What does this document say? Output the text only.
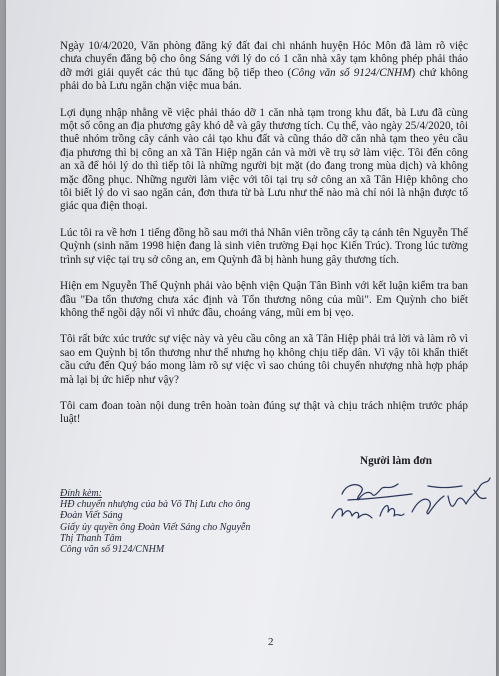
Ngày 10/4/2020, Văn phòng đăng ký đất đai chi nhánh huyện Hóc Môn đã làm rõ việc chưa chuyển đăng bộ cho ông Sáng với lý do có 1 căn nhà xây tạm không phép phải tháo dỡ mới giải quyết các thủ tục đăng bộ tiếp theo (Công văn số 9124/CNHM) chứ không phải do bà Lưu ngăn chặn việc mua bán.

Lợi dụng nhập nhằng về việc phải tháo dỡ 1 căn nhà tạm trong khu đất, bà Lưu đã cùng một số công an địa phương gây khó dễ và gây thương tích. Cụ thể, vào ngày 25/4/2020, tôi thuê nhóm trồng cây cảnh vào cải tạo khu đất và cũng tháo dỡ căn nhà tạm theo yêu cầu địa phương thì bị công an xã Tân Hiệp ngăn cản và mời về trụ sở làm việc. Tôi đến công an xã để hỏi lý do thì tiếp tôi là những người bịt mặt (do đang trong mùa dịch) và không mặc đồng phục. Những người làm việc với tôi tại trụ sở công an xã Tân Hiệp không cho tôi biết lý do vì sao ngăn cản, đơn thưa từ bà Lưu như thế nào mà chỉ nói là nhận được tố giác qua điện thoại.

Lúc tôi ra về hơn 1 tiếng đồng hồ sau mới thả Nhân viên trồng cây tạ cảnh tên Nguyễn Thế Quỳnh (sinh năm 1998 hiện đang là sinh viên trường Đại học Kiến Trúc). Trong lúc tường trình sự việc tại trụ sở công an, em Quỳnh đã bị hành hung gây thương tích.

Hiện em Nguyễn Thế Quỳnh phải vào bệnh viện Quận Tân Bình với kết luận kiểm tra ban đầu "Đa tổn thương chưa xác định và Tổn thương nông của mũi". Em Quỳnh cho biết không thể ngồi dậy nổi vì nhức đầu, choáng váng, mũi em bị vẹo.

Tôi rất bức xúc trước sự việc này và yêu cầu công an xã Tân Hiệp phải trả lời và làm rõ vì sao em Quỳnh bị tổn thương như thế nhưng họ không chịu tiếp dân. Vì vậy tôi khẩn thiết cầu cứu đến Quý báo mong làm rõ sự việc vì sao chúng tôi chuyển nhượng nhà hợp pháp mà lại bị ức hiếp như vậy?

Tôi cam đoan toàn nội dung trên hoàn toàn đúng sự thật và chịu trách nhiệm trước pháp luật!

Đính kèm:
HĐ chuyển nhượng của bà Võ Thị Lưu cho ông
Đoàn Viết Sáng
Giấy ủy quyền ông Đoàn Viết Sáng cho Nguyễn
Thị Thanh Tâm
Công văn số 9124/CNHM
Người làm đơn
2
